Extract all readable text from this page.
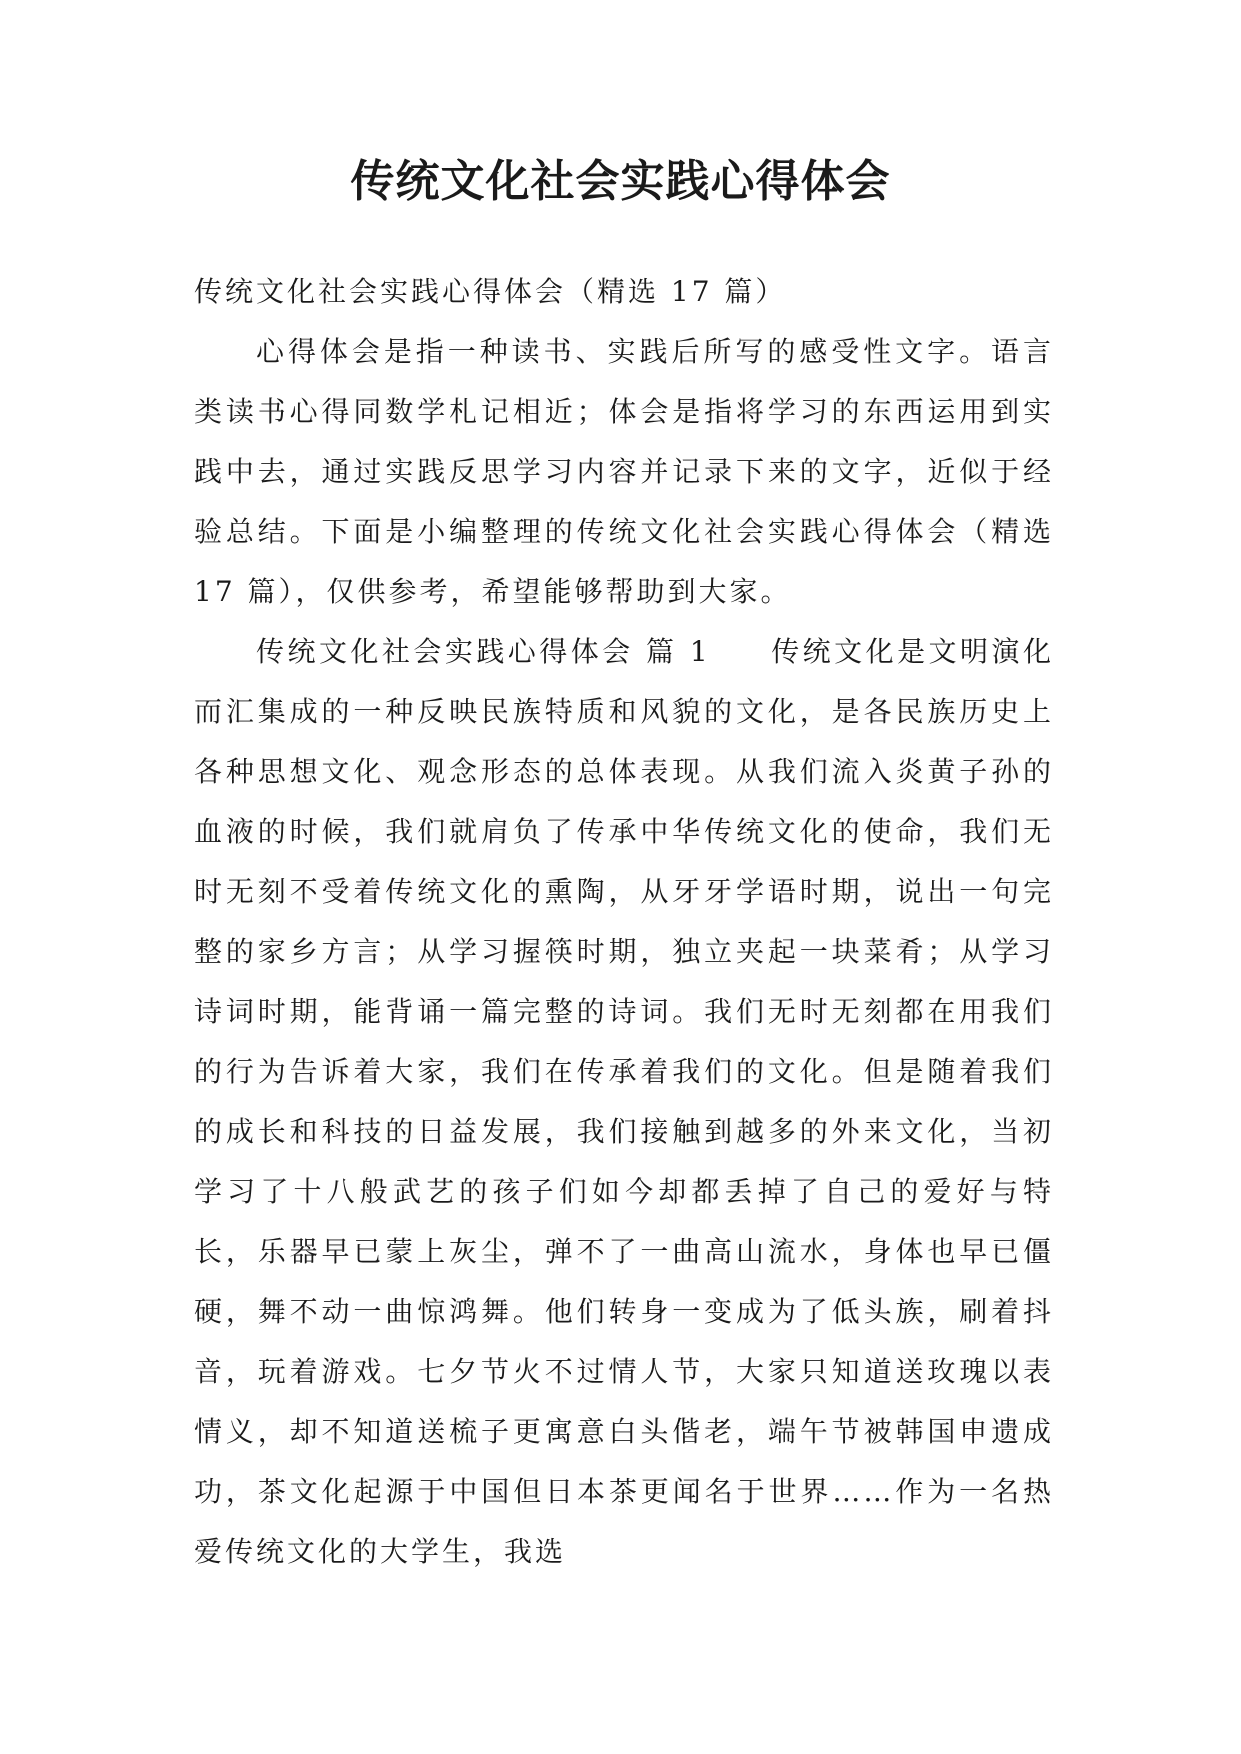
传统文化社会实践心得体会

传统文化社会实践心得体会（精选 17 篇）

心得体会是指一种读书、实践后所写的感受性文字。语言类读书心得同数学札记相近；体会是指将学习的东西运用到实践中去，通过实践反思学习内容并记录下来的文字，近似于经验总结。下面是小编整理的传统文化社会实践心得体会（精选 17 篇），仅供参考，希望能够帮助到大家。

传统文化社会实践心得体会 篇 1 传统文化是文明演化而汇集成的一种反映民族特质和风貌的文化，是各民族历史上各种思想文化、观念形态的总体表现。从我们流入炎黄子孙的血液的时候，我们就肩负了传承中华传统文化的使命，我们无时无刻不受着传统文化的熏陶，从牙牙学语时期，说出一句完整的家乡方言；从学习握筷时期，独立夹起一块菜肴；从学习诗词时期，能背诵一篇完整的诗词。我们无时无刻都在用我们的行为告诉着大家，我们在传承着我们的文化。但是随着我们的成长和科技的日益发展，我们接触到越多的外来文化，当初学习了十八般武艺的孩子们如今却都丢掉了自己的爱好与特长，乐器早已蒙上灰尘，弹不了一曲高山流水，身体也早已僵硬，舞不动一曲惊鸿舞。他们转身一变成为了低头族，刷着抖音，玩着游戏。七夕节火不过情人节，大家只知道送玫瑰以表情义，却不知道送梳子更寓意白头偕老，端午节被韩国申遗成功，茶文化起源于中国但日本茶更闻名于世界……作为一名热爱传统文化的大学生，我选
